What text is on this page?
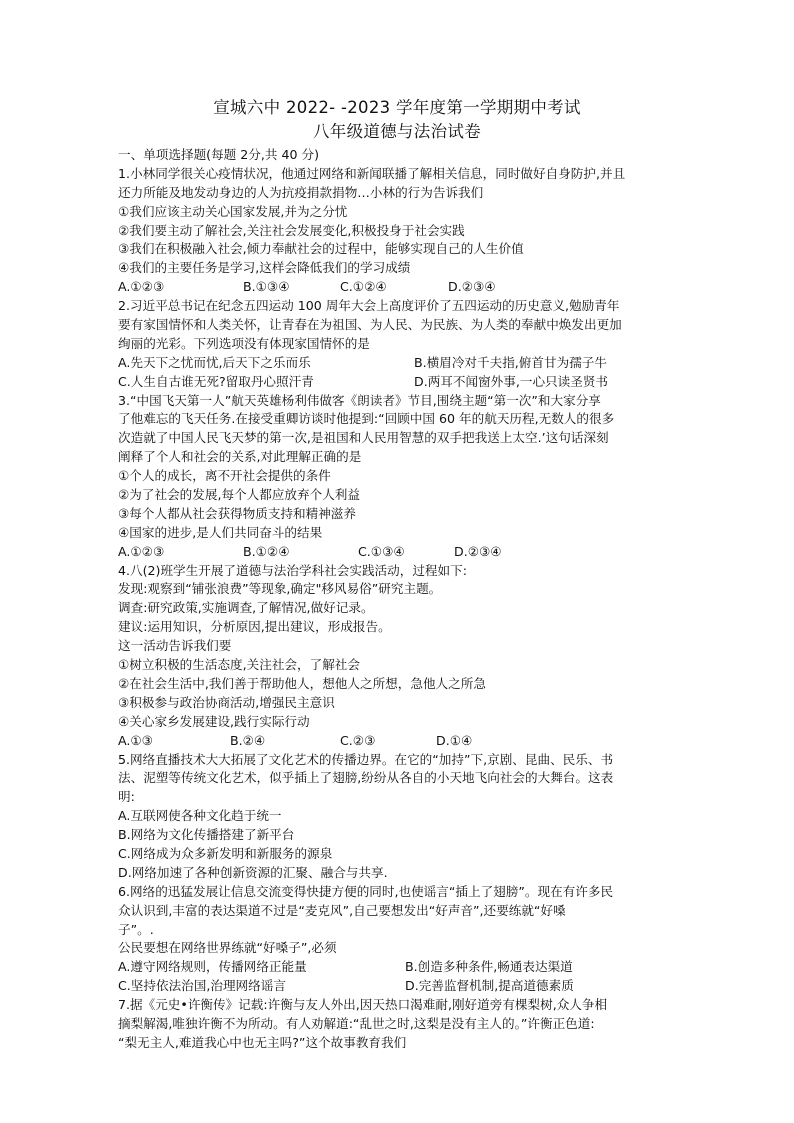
宣城六中 2022- -2023 学年度第一学期期中考试
八年级道德与法治试卷
一、单项选择题(每题 2分,共 40 分)
1.小林同学很关心疫情状况，他通过网络和新闻联播了解相关信息，同时做好自身防护,并且
还力所能及地发动身边的人为抗疫捐款捐物…小林的行为告诉我们
①我们应该主动关心国家发展,并为之分忧
②我们要主动了解社会,关注社会发展变化,积极投身于社会实践
③我们在积极融入社会,倾力奉献社会的过程中，能够实现自己的人生价值
④我们的主要任务是学习,这样会降低我们的学习成绩
A.①②③	B.①③④	C.①②④	D.②③④
2.习近平总书记在纪念五四运动 100 周年大会上高度评价了五四运动的历史意义,勉励青年
要有家国情怀和人类关怀，让青春在为祖国、为人民、为民族、为人类的奉献中焕发出更加
绚丽的光彩。下列选项没有体现家国情怀的是
A.先天下之忧而忧,后天下之乐而乐	B.横眉冷对千夫指,俯首甘为孺子牛
C.人生自古谁无死?留取丹心照汗青	D.两耳不闻窗外事,一心只读圣贤书
3.“中国飞天第一人”航天英雄杨利伟做客《朗读者》节目,围绕主题“第一次”和大家分享
了他难忘的飞天任务.在接受重卿访谈时他提到:“回顾中国 60 年的航天历程,无数人的很多
次造就了中国人民飞天梦的第一次,是祖国和人民用智慧的双手把我送上太空.’这句话深刻
阐释了个人和社会的关系,对此理解正确的是
①个人的成长，离不开社会提供的条件
②为了社会的发展,每个人都应放弃个人利益
③每个人都从社会获得物质支持和精神滋养
④国家的进步,是人们共同奋斗的结果
A.①②③	B.①②④	C.①③④	D.②③④
4.八(2)班学生开展了道德与法治学科社会实践活动，过程如下:
发现:观察到“铺张浪费”等现象,确定"移风易俗”研究主题。
调查:研究政策,实施调查,了解情况,做好记录。
建议:运用知识，分析原因,提出建议，形成报告。
这一活动告诉我们要
①树立积极的生活态度,关注社会，了解社会
②在社会生活中,我们善于帮助他人，想他人之所想，急他人之所急
③积极参与政治协商活动,增强民主意识
④关心家乡发展建设,践行实际行动
A.①③	B.②④	C.②③	D.①④
5.网络直播技术大大拓展了文化艺术的传播边界。在它的“加持”下,京剧、昆曲、民乐、书
法、泥塑等传统文化艺术，似乎插上了翅膀,纷纷从各自的小天地飞向社会的大舞台。这表
明:
A.互联网使各种文化趋于统一
B.网络为文化传播搭建了新平台
C.网络成为众多新发明和新服务的源泉
D.网络加速了各种创新资源的汇聚、融合与共享.
6.网络的迅猛发展让信息交流变得快捷方便的同时,也使谣言“插上了翅膀”。现在有许多民
众认识到,丰富的表达渠道不过是“麦克风”,自己要想发出“好声音”,还要练就“好嗓
子”。.
公民要想在网络世界练就“好嗓子”,必须
A.遵守网络规则，传播网络正能量	B.创造多种条件,畅通表达渠道
C.坚持依法治国,治理网络谣言	D.完善监督机制,提高道德素质
7.据《元史•许衡传》记载:许衡与友人外出,因天热口渴难耐,刚好道旁有棵梨树,众人争相
摘梨解渴,唯独许衡不为所动。有人劝解道:“乱世之时,这梨是没有主人的。”许衡正色道:
“梨无主人,难道我心中也无主吗?”这个故事教育我们
